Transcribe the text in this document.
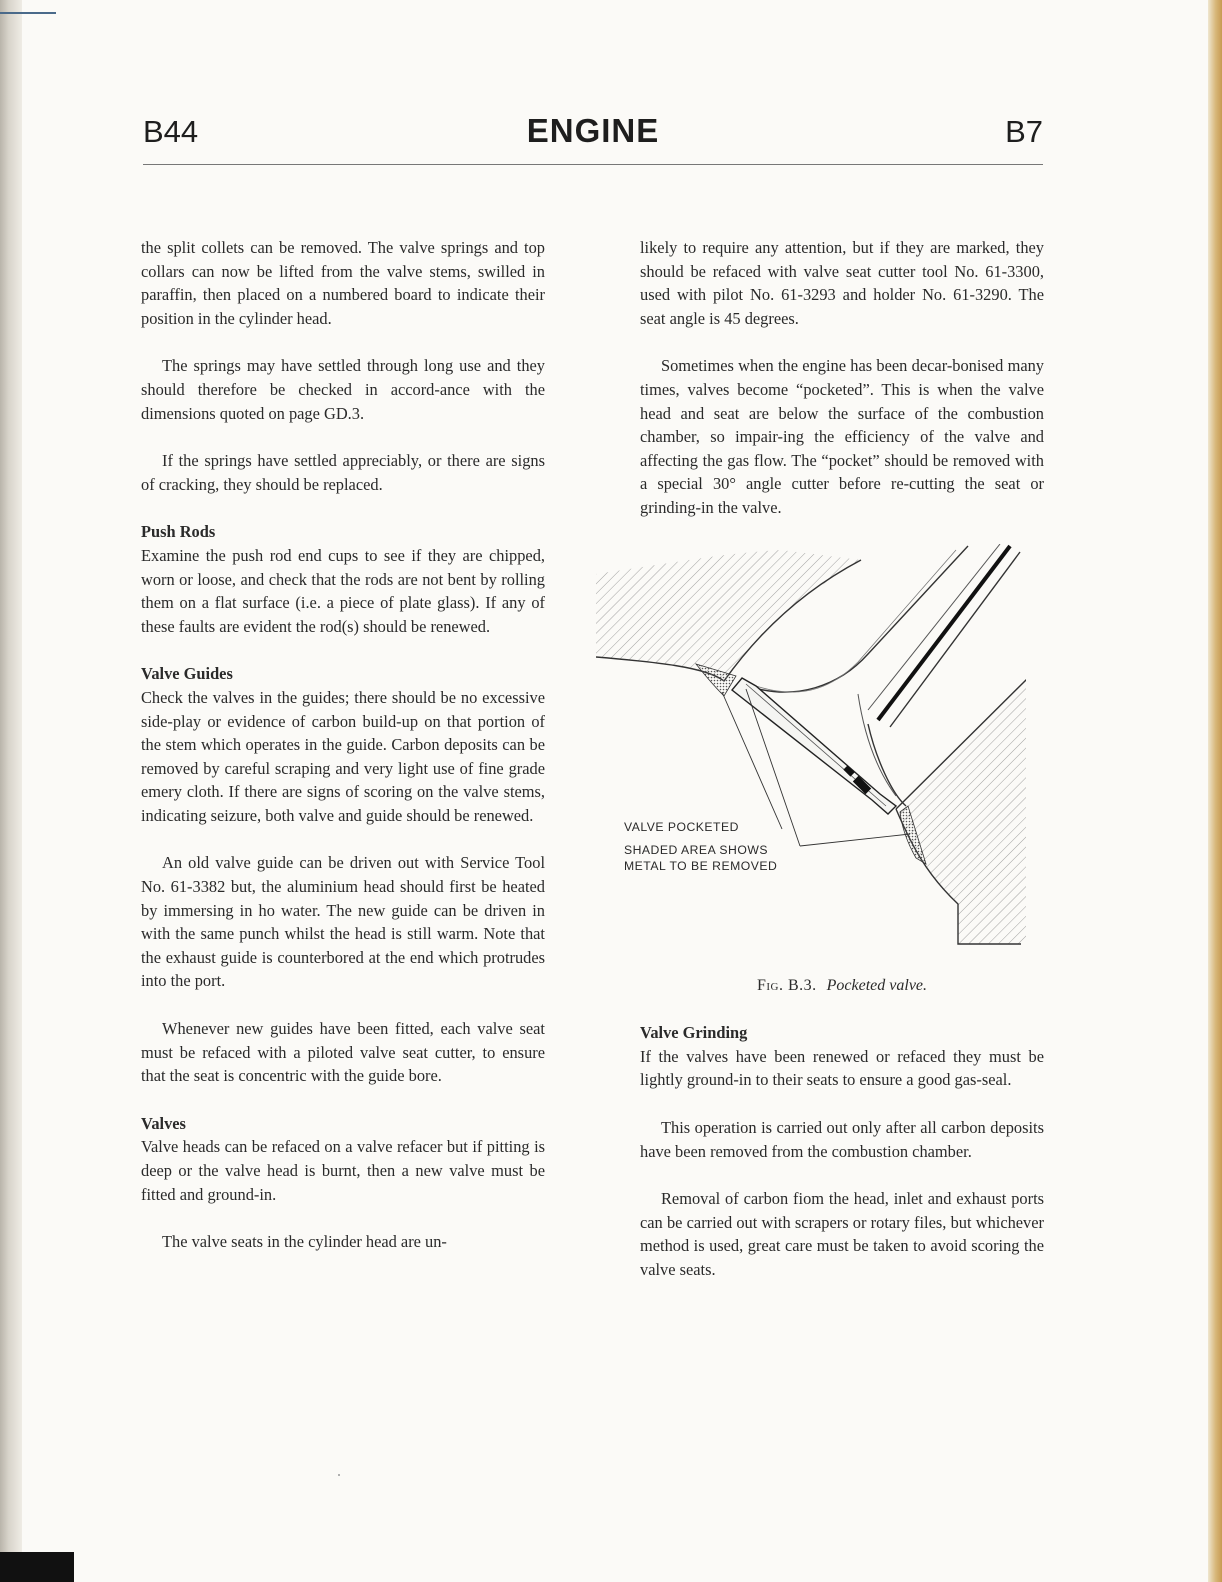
B44	ENGINE	B7

the split collets can be removed. The valve springs and top collars can now be lifted from the valve stems, swilled in paraffin, then placed on a numbered board to indicate their position in the cylinder head.

The springs may have settled through long use and they should therefore be checked in accord-ance with the dimensions quoted on page GD.3.

If the springs have settled appreciably, or there are signs of cracking, they should be replaced.

Push Rods

Examine the push rod end cups to see if they are chipped, worn or loose, and check that the rods are not bent by rolling them on a flat surface (i.e. a piece of plate glass). If any of these faults are evident the rod(s) should be renewed.

Valve Guides

Check the valves in the guides; there should be no excessive side-play or evidence of carbon build-up on that portion of the stem which operates in the guide. Carbon deposits can be removed by careful scraping and very light use of fine grade emery cloth. If there are signs of scoring on the valve stems, indicating seizure, both valve and guide should be renewed.

An old valve guide can be driven out with Service Tool No. 61-3382 but, the aluminium head should first be heated by immersing in ho water. The new guide can be driven in with the same punch whilst the head is still warm. Note that the exhaust guide is counterbored at the end which protrudes into the port.

Whenever new guides have been fitted, each valve seat must be refaced with a piloted valve seat cutter, to ensure that the seat is concentric with the guide bore.

Valves

Valve heads can be refaced on a valve refacer but if pitting is deep or the valve head is burnt, then a new valve must be fitted and ground-in.

The valve seats in the cylinder head are un-

likely to require any attention, but if they are marked, they should be refaced with valve seat cutter tool No. 61-3300, used with pilot No. 61-3293 and holder No. 61-3290. The seat angle is 45 degrees.

Sometimes when the engine has been decar-bonised many times, valves become “pocketed”. This is when the valve head and seat are below the surface of the combustion chamber, so impair-ing the efficiency of the valve and affecting the gas flow. The “pocket” should be removed with a special 30° angle cutter before re-cutting the seat or grinding-in the valve.

VALVE POCKETED
SHADED AREA SHOWS
METAL TO BE REMOVED
Fig. B.3. Pocketed valve.
Valve Grinding

If the valves have been renewed or refaced they must be lightly ground-in to their seats to ensure a good gas-seal.

This operation is carried out only after all carbon deposits have been removed from the combustion chamber.

Removal of carbon fiom the head, inlet and exhaust ports can be carried out with scrapers or rotary files, but whichever method is used, great care must be taken to avoid scoring the valve seats.
